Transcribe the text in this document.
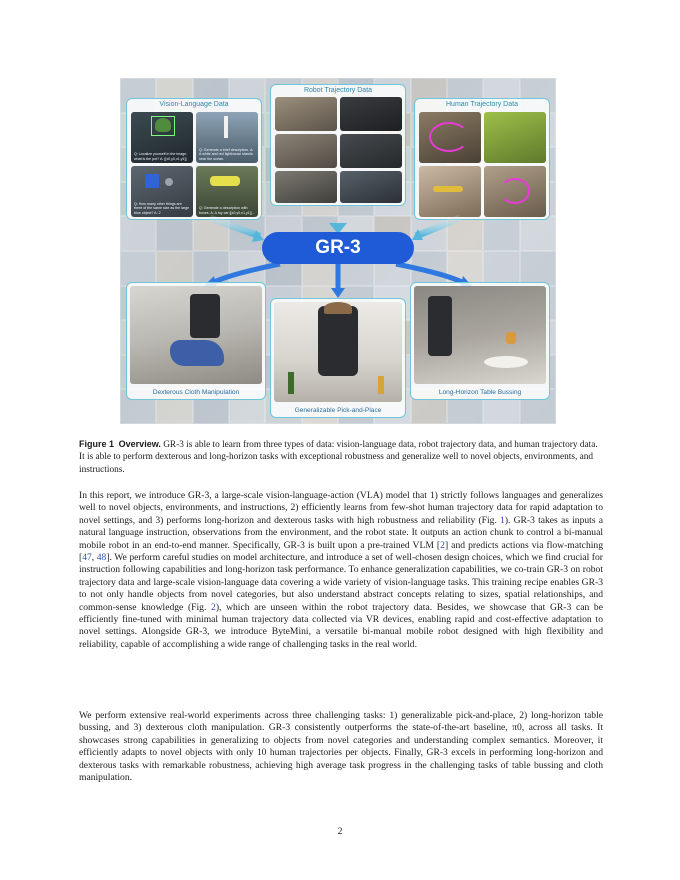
Vision-Language Data
Q: Localize yourself in the image, what is the pot? A: [[x0,y0,x1,y1]]
Q: Generate a brief description. A: A white and red lighthouse stands near the ocean.
Q: How many other things are there of the same size as the large blue object? A: 2
Q: Generate a description with boxes. A: A toy car [[x0,y0,x1,y1]]...
Robot Trajectory Data
Human Trajectory Data
GR-3
Dexterous Cloth Manipulation
Generalizable Pick-and-Place
Long-Horizon Table Bussing
Figure 1 Overview. GR-3 is able to learn from three types of data: vision-language data, robot trajectory data, and human trajectory data. It is able to perform dexterous and long-horizon tasks with exceptional robustness and generalize well to novel objects, environments, and instructions.

In this report, we introduce GR-3, a large-scale vision-language-action (VLA) model that 1) strictly follows languages and generalizes well to novel objects, environments, and instructions, 2) efficiently learns from few-shot human trajectory data for rapid adaptation to novel settings, and 3) performs long-horizon and dexterous tasks with high robustness and reliability (Fig. 1). GR-3 takes as inputs a natural language instruction, observations from the environment, and the robot state. It outputs an action chunk to control a bi-manual mobile robot in an end-to-end manner. Specifically, GR-3 is built upon a pre-trained VLM [2] and predicts actions via flow-matching [47, 48]. We perform careful studies on model architecture, and introduce a set of well-chosen design choices, which we find crucial for instruction following capabilities and long-horizon task performance. To enhance generalization capabilities, we co-train GR-3 on robot trajectory data and large-scale vision-language data covering a wide variety of vision-language tasks. This training recipe enables GR-3 to not only handle objects from novel categories, but also understand abstract concepts relating to sizes, spatial relationships, and common-sense knowledge (Fig. 2), which are unseen within the robot trajectory data. Besides, we showcase that GR-3 can be efficiently fine-tuned with minimal human trajectory data collected via VR devices, enabling rapid and cost-effective adaptation to novel settings. Alongside GR-3, we introduce ByteMini, a versatile bi-manual mobile robot designed with high flexibility and reliability, capable of accomplishing a wide range of challenging tasks in the real world.

We perform extensive real-world experiments across three challenging tasks: 1) generalizable pick-and-place, 2) long-horizon table bussing, and 3) dexterous cloth manipulation. GR-3 consistently outperforms the state-of-the-art baseline, π0, across all tasks. It showcases strong capabilities in generalizing to objects from novel categories and understanding complex semantics. Moreover, it efficiently adapts to novel objects with only 10 human trajectories per objects. Finally, GR-3 excels in performing long-horizon and dexterous tasks with remarkable robustness, achieving high average task progress in the challenging tasks of table bussing and cloth manipulation.

2
